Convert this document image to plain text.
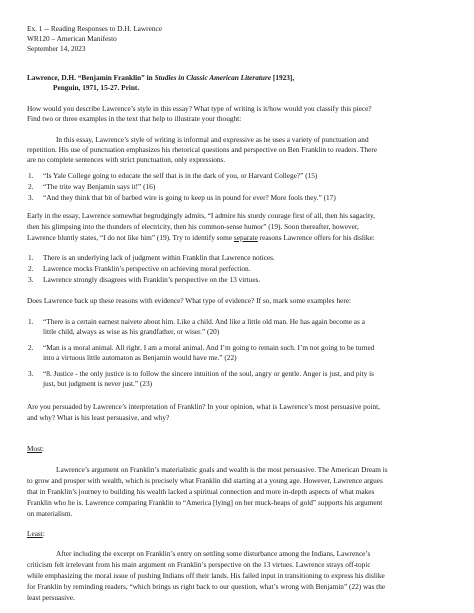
Ex. 1 -- Reading Responses to D.H. Lawrence
WR120 – American Manifesto
September 14, 2023
Lawrence, D.H. “Benjamin Franklin” in Studies in Classic American Literature [1923],
Penguin, 1971, 15-27. Print.
How would you describe Lawrence’s style in this essay? What type of writing is it/how would you classify this piece?
Find two or three examples in the text that help to illustrate your thought:
In this essay, Lawrence’s style of writing is informal and expressive as he uses a variety of punctuation and
repetition. His use of punctuation emphasizes his rhetorical questions and perspective on Ben Franklin to readers. There
are no complete sentences with strict punctuation, only expressions.
1. “Is Yale College going to educate the self that is in the dark of you, or Harvard College?” (15)
2. “The trite way Benjamin says it!” (16)
3. “And they think that bit of barbed wire is going to keep us in pound for ever? More fools they.” (17)
Early in the essay, Lawrence somewhat begrudgingly admits, “I admire his sturdy courage first of all, then his sagacity,
then his glimpsing into the thunders of electricity, then his common-sense humor” (19). Soon thereafter, however,
Lawrence bluntly states, “I do not like him” (19). Try to identify some separate reasons Lawrence offers for his dislike:
1. There is an underlying lack of judgment within Franklin that Lawrence notices.
2. Lawrence mocks Franklin’s perspective on achieving moral perfection.
3. Lawrence strongly disagrees with Franklin’s perspective on the 13 virtues.
Does Lawrence back up these reasons with evidence? What type of evidence? If so, mark some examples here:
1. “There is a certain earnest naivete about him. Like a child. And like a little old man. He has again become as a
little child, always as wise as his grandfather, or wiser.” (20)
2. “Man is a moral animal. All right. I am a moral animal. And I’m going to remain such. I’m not going to be turned
into a virtuous little automaton as Benjamin would have me.” (22)
3. “8. Justice - the only justice is to follow the sincere intuition of the soul, angry or gentle. Anger is just, and pity is
just, but judgment is never just.” (23)
Are you persuaded by Lawrence’s interpretation of Franklin? In your opinion, what is Lawrence’s most persuasive point,
and why? What is his least persuasive, and why?
Most:
Lawrence’s argument on Franklin’s materialistic goals and wealth is the most persuasive. The American Dream is
to grow and prosper with wealth, which is precisely what Franklin did starting at a young age. However, Lawrence argues
that in Franklin’s journey to building his wealth lacked a spiritual connection and more in-depth aspects of what makes
Franklin who he is. Lawrence comparing Franklin to “America [lying] on her muck-heaps of gold” supports his argument
on materialism.
Least:
After including the excerpt on Franklin’s entry on settling some disturbance among the Indians, Lawrence’s
criticism felt irrelevant from his main argument on Franklin’s perspective on the 13 virtues. Lawrence strays off-topic
while emphasizing the moral issue of pushing Indians off their lands. His failed input in transitioning to express his dislike
for Franklin by reminding readers, “which brings us right back to our question, what’s wrong with Benjamin” (22) was the
least persuasive.
